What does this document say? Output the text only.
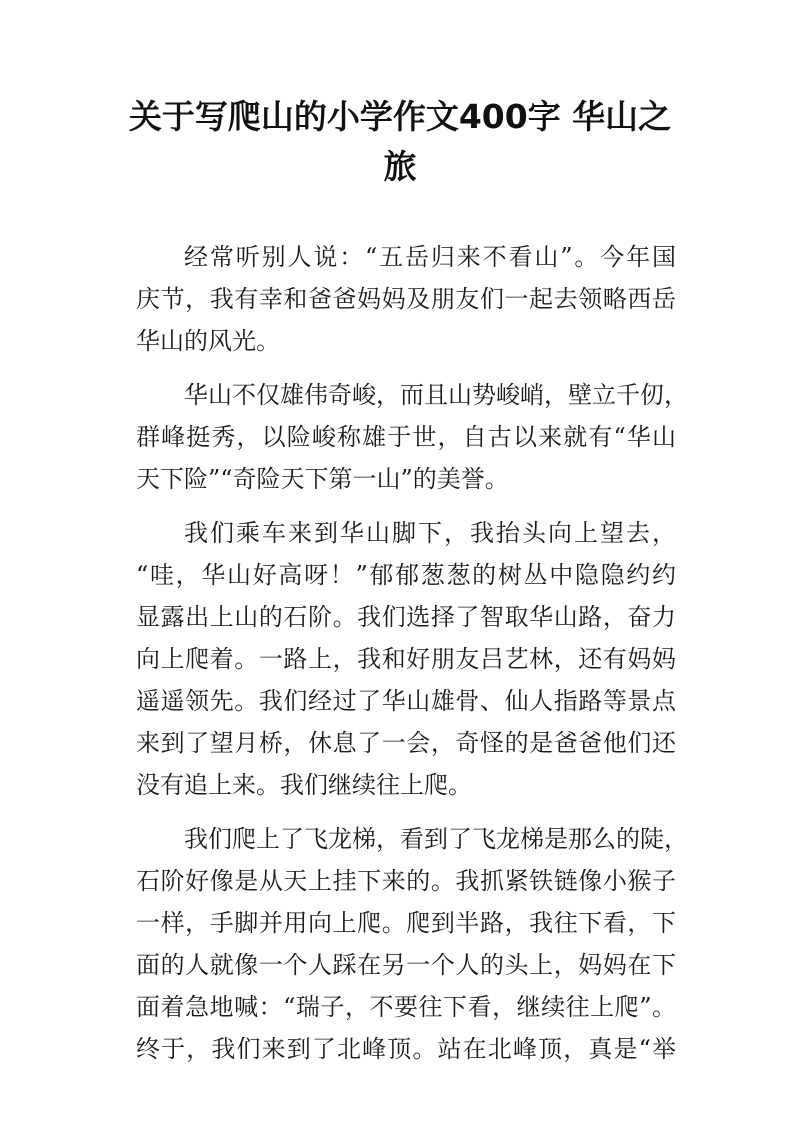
关于写爬山的小学作文400字 华山之
旅
经常听别人说：“五岳归来不看山”。今年国
庆节，我有幸和爸爸妈妈及朋友们一起去领略西岳
华山的风光。
华山不仅雄伟奇峻，而且山势峻峭，壁立千仞，
群峰挺秀，以险峻称雄于世，自古以来就有“华山
天下险”“奇险天下第一山”的美誉。
我们乘车来到华山脚下，我抬头向上望去，
“哇，华山好高呀！”郁郁葱葱的树丛中隐隐约约
显露出上山的石阶。我们选择了智取华山路，奋力
向上爬着。一路上，我和好朋友吕艺林，还有妈妈
遥遥领先。我们经过了华山雄骨、仙人指路等景点
来到了望月桥，休息了一会，奇怪的是爸爸他们还
没有追上来。我们继续往上爬。
我们爬上了飞龙梯，看到了飞龙梯是那么的陡，
石阶好像是从天上挂下来的。我抓紧铁链像小猴子
一样，手脚并用向上爬。爬到半路，我往下看，下
面的人就像一个人踩在另一个人的头上，妈妈在下
面着急地喊：“瑞子，不要往下看，继续往上爬”。
终于，我们来到了北峰顶。站在北峰顶，真是“举
